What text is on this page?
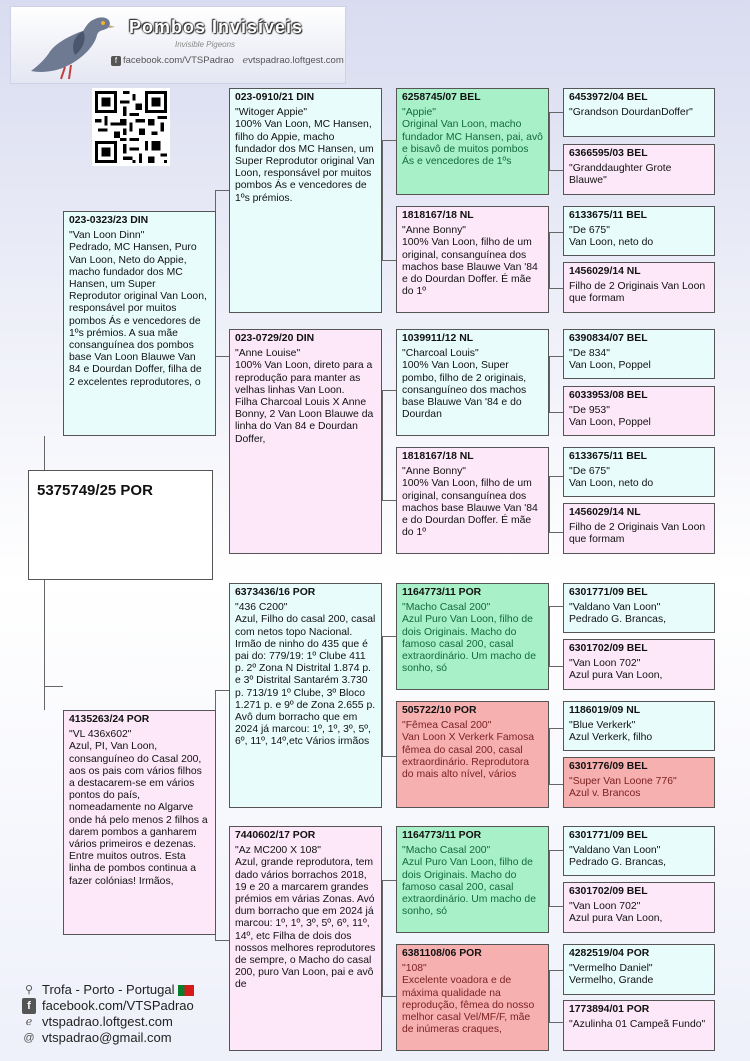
Pombos Invisíveis
Invisible Pigeons
f facebook.com/VTSPadrao ℯvtspadrao.loftgest.com
5375749/25 POR
023-0323/23 DIN
"Van Loon Dinn"
Pedrado, MC Hansen, Puro Van Loon, Neto do Appie, macho fundador dos MC Hansen, um Super Reprodutor original Van Loon, responsável por muitos pombos Ás e vencedores de 1ºs prémios. A sua mãe consanguínea dos pombos base Van Loon Blauwe Van 84 e Dourdan Doffer, filha de 2 excelentes reprodutores, o
4135263/24 POR
"VL 436x602"
Azul, PI, Van Loon, consanguíneo do Casal 200, aos os pais com vários filhos a destacarem-se em vários pontos do país, nomeadamente no Algarve onde há pelo menos 2 filhos a darem pombos a ganharem vários primeiros e dezenas. Entre muitos outros. Esta linha de pombos continua a fazer colónias! Irmãos,
023-0910/21 DIN
"Witoger Appie"
100% Van Loon, MC Hansen, filho do Appie, macho fundador dos MC Hansen, um Super Reprodutor original Van Loon, responsável por muitos pombos Ás e vencedores de 1ºs prémios.
023-0729/20 DIN
"Anne Louise"
100% Van Loon, direto para a reprodução para manter as velhas linhas Van Loon.
Filha Charcoal Louis X Anne Bonny, 2 Van Loon Blauwe da linha do Van 84 e Dourdan Doffer,
6373436/16 POR
"436 C200"
Azul, Filho do casal 200, casal com netos topo Nacional. Irmão de ninho do 435 que é pai do: 779/19: 1º Clube 411 p. 2º Zona N Distrital 1.874 p. e 3º Distrital Santarém 3.730 p. 713/19 1º Clube, 3º Bloco 1.271 p. e 9º de Zona 2.655 p. Avô dum borracho que em 2024 já marcou: 1º, 1º, 3º, 5º, 6º, 11º, 14º,etc Vários irmãos
7440602/17 POR
"Az MC200 X 108"
Azul, grande reprodutora, tem dado vários borrachos 2018, 19 e 20 a marcarem grandes prémios em várias Zonas. Avó dum borracho que em 2024 já marcou: 1º, 1º, 3º, 5º, 6º, 11º, 14º, etc Filha de dois dos nossos melhores reprodutores de sempre, o Macho do casal 200, puro Van Loon, pai e avô de
6258745/07 BEL
"Appie"
Original Van Loon, macho fundador MC Hansen, pai, avô e bisavô de muitos pombos Ás e vencedores de 1ºs
1818167/18 NL
"Anne Bonny"
100% Van Loon, filho de um original, consanguínea dos machos base Blauwe Van '84 e do Dourdan Doffer. É mãe do 1º
1039911/12 NL
"Charcoal Louis"
100% Van Loon, Super pombo, filho de 2 originais, consanguíneo dos machos base Blauwe Van '84 e do Dourdan
1818167/18 NL
"Anne Bonny"
100% Van Loon, filho de um original, consanguínea dos machos base Blauwe Van '84 e do Dourdan Doffer. É mãe do 1º
1164773/11 POR
"Macho Casal 200"
Azul Puro Van Loon, filho de dois Originais. Macho do famoso casal 200, casal extraordinário. Um macho de sonho, só
505722/10 POR
"Fêmea Casal 200"
Van Loon X Verkerk Famosa fêmea do casal 200, casal extraordinário. Reprodutora do mais alto nível, vários
1164773/11 POR
"Macho Casal 200"
Azul Puro Van Loon, filho de dois Originais. Macho do famoso casal 200, casal extraordinário. Um macho de sonho, só
6381108/06 POR
"108"
Excelente voadora e de máxima qualidade na reprodução, fêmea do nosso melhor casal Vel/MF/F, mãe de inúmeras craques,
6453972/04 BEL
"Grandson DourdanDoffer"
6366595/03 BEL
"Granddaughter Grote Blauwe"
6133675/11 BEL
"De 675"
Van Loon, neto do
1456029/14 NL
Filho de 2 Originais Van Loon que formam
6390834/07 BEL
"De 834"
Van Loon, Poppel
6033953/08 BEL
"De 953"
Van Loon, Poppel
6133675/11 BEL
"De 675"
Van Loon, neto do
1456029/14 NL
Filho de 2 Originais Van Loon que formam
6301771/09 BEL
"Valdano Van Loon"
Pedrado G. Brancas,
6301702/09 BEL
"Van Loon 702"
Azul pura Van Loon,
1186019/09 NL
"Blue Verkerk"
Azul Verkerk, filho
6301776/09 BEL
"Super Van Loone 776"
Azul v. Brancos
6301771/09 BEL
"Valdano Van Loon"
Pedrado G. Brancas,
6301702/09 BEL
"Van Loon 702"
Azul pura Van Loon,
4282519/04 POR
"Vermelho Daniel"
Vermelho, Grande
1773894/01 POR
"Azulinha 01 Campeã Fundo"
⚲ Trofa - Porto - Portugal
f facebook.com/VTSPadrao
ℯ vtspadrao.loftgest.com
@ vtspadrao@gmail.com
